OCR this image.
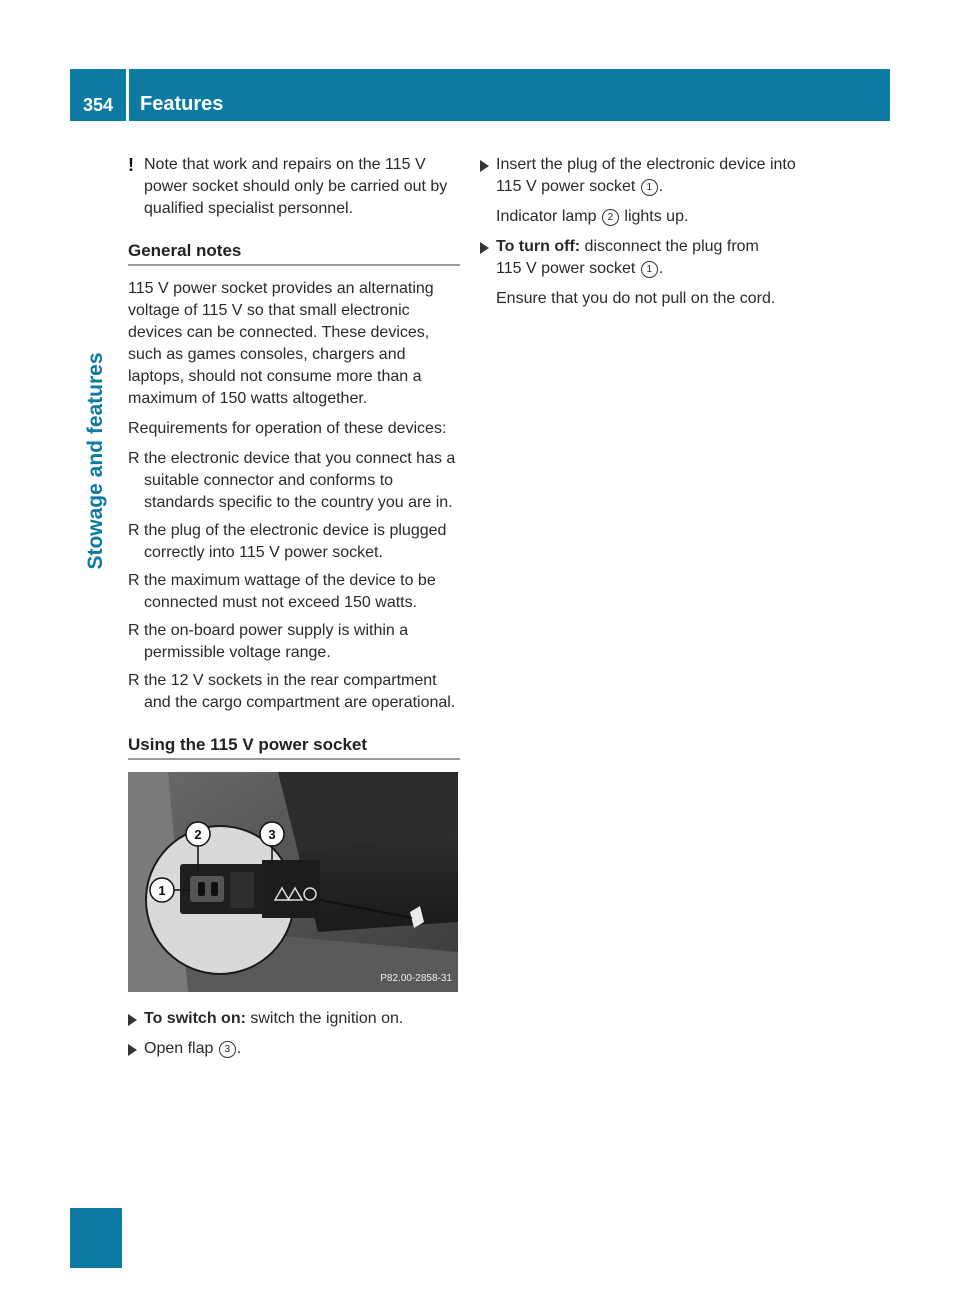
354	Features
Stowage and features

! Note that work and repairs on the 115 V power socket should only be carried out by qualified specialist personnel.

General notes

115 V power socket provides an alternating voltage of 115 V so that small electronic devices can be connected. These devices, such as games consoles, chargers and laptops, should not consume more than a maximum of 150 watts altogether.

Requirements for operation of these devices:

R the electronic device that you connect has a suitable connector and conforms to standards specific to the country you are in.
R the plug of the electronic device is plugged correctly into 115 V power socket.
R the maximum wattage of the device to be connected must not exceed 150 watts.
R the on-board power supply is within a permissible voltage range.
R the 12 V sockets in the rear compartment and the cargo compartment are operational.
Using the 115 V power socket
2	3
1
P82.00-2858-31

To switch on: switch the ignition on.

Open flap 3 .

Insert the plug of the electronic device into
115 V power socket 1 .

Indicator lamp 2 lights up.

To turn off: disconnect the plug from
115 V power socket 1 .

Ensure that you do not pull on the cord.
